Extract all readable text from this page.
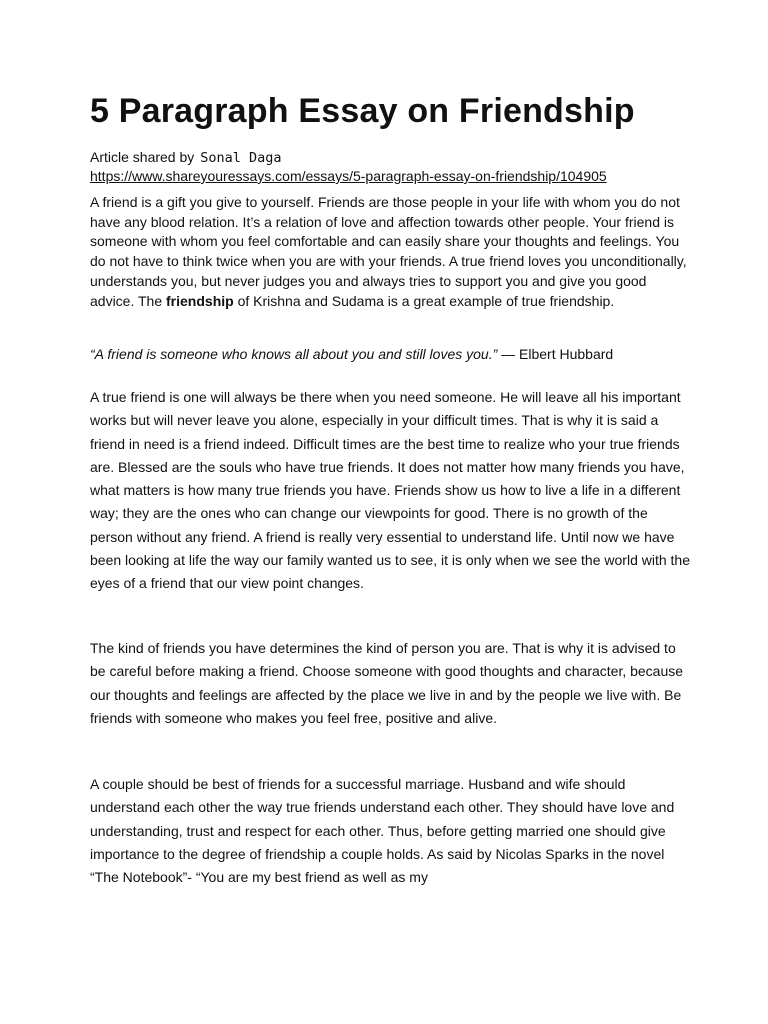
5 Paragraph Essay on Friendship
Article shared by Sonal Daga
https://www.shareyouressays.com/essays/5-paragraph-essay-on-friendship/104905

A friend is a gift you give to yourself. Friends are those people in your life with whom you do not have any blood relation. It’s a relation of love and affection towards other people. Your friend is someone with whom you feel comfortable and can easily share your thoughts and feelings. You do not have to think twice when you are with your friends. A true friend loves you unconditionally, understands you, but never judges you and always tries to support you and give you good advice. The friendship of Krishna and Sudama is a great example of true friendship.

“A friend is someone who knows all about you and still loves you.” — Elbert Hubbard

A true friend is one will always be there when you need someone. He will leave all his important works but will never leave you alone, especially in your difficult times. That is why it is said a friend in need is a friend indeed. Difficult times are the best time to realize who your true friends are. Blessed are the souls who have true friends. It does not matter how many friends you have, what matters is how many true friends you have. Friends show us how to live a life in a different way; they are the ones who can change our viewpoints for good. There is no growth of the person without any friend. A friend is really very essential to understand life. Until now we have been looking at life the way our family wanted us to see, it is only when we see the world with the eyes of a friend that our view point changes.

The kind of friends you have determines the kind of person you are. That is why it is advised to be careful before making a friend. Choose someone with good thoughts and character, because our thoughts and feelings are affected by the place we live in and by the people we live with. Be friends with someone who makes you feel free, positive and alive.

A couple should be best of friends for a successful marriage. Husband and wife should understand each other the way true friends understand each other. They should have love and understanding, trust and respect for each other. Thus, before getting married one should give importance to the degree of friendship a couple holds. As said by Nicolas Sparks in the novel “The Notebook”- “You are my best friend as well as my
